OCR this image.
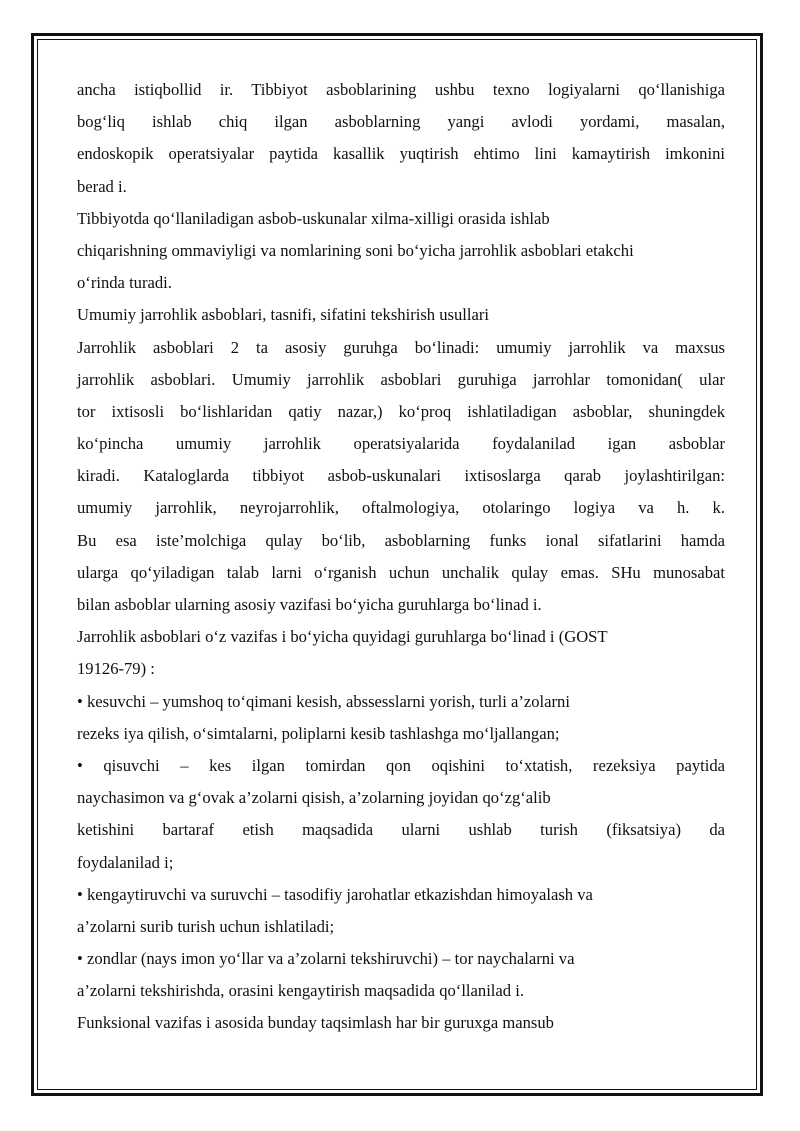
ancha istiqbollid ir. Tibbiyot asboblarining ushbu texno logiyalarni qo‘llanishiga
bog‘liq ishlab chiq ilgan asboblarning yangi avlodi yordami, masalan,
endoskopik operatsiyalar paytida kasallik yuqtirish ehtimo lini kamaytirish imkonini
berad i.
Tibbiyotda qo‘llaniladigan asbob-uskunalar xilma-xilligi orasida ishlab
chiqarishning ommaviyligi va nomlarining soni bo‘yicha jarrohlik asboblari etakchi
o‘rinda turadi.
Umumiy jarrohlik asboblari, tasnifi, sifatini tekshirish usullari
Jarrohlik asboblari 2 ta asosiy guruhga bo‘linadi: umumiy jarrohlik va maxsus
jarrohlik asboblari. Umumiy jarrohlik asboblari guruhiga jarrohlar tomonidan( ular
tor ixtisosli bo‘lishlaridan qatiy nazar,) ko‘proq ishlatiladigan asboblar, shuningdek
ko‘pincha umumiy jarrohlik operatsiyalarida foydalanilad igan asboblar
kiradi. Kataloglarda tibbiyot asbob-uskunalari ixtisoslarga qarab joylashtirilgan:
umumiy jarrohlik, neyrojarrohlik, oftalmologiya, otolaringo logiya va h. k.
Bu esa iste’molchiga qulay bo‘lib, asboblarning funks ional sifatlarini hamda
ularga qo‘yiladigan talab larni o‘rganish uchun unchalik qulay emas. SHu munosabat
bilan asboblar ularning asosiy vazifasi bo‘yicha guruhlarga bo‘linad i.
Jarrohlik asboblari o‘z vazifas i bo‘yicha quyidagi guruhlarga bo‘linad i (GOST
19126-79) :
• kesuvchi – yumshoq to‘qimani kesish, abssesslarni yorish, turli a’zolarni
rezeks iya qilish, o‘simtalarni, poliplarni kesib tashlashga mo‘ljallangan;
• qisuvchi – kes ilgan tomirdan qon oqishini to‘xtatish, rezeksiya paytida
naychasimon va g‘ovak a’zolarni qisish, a’zolarning joyidan qo‘zg‘alib
ketishini bartaraf etish maqsadida ularni ushlab turish (fiksatsiya) da
foydalanilad i;
• kengaytiruvchi va suruvchi – tasodifiy jarohatlar etkazishdan himoyalash va
a’zolarni surib turish uchun ishlatiladi;
• zondlar (nays imon yo‘llar va a’zolarni tekshiruvchi) – tor naychalarni va
a’zolarni tekshirishda, orasini kengaytirish maqsadida qo‘llanilad i.
Funksional vazifas i asosida bunday taqsimlash har bir guruxga mansub
